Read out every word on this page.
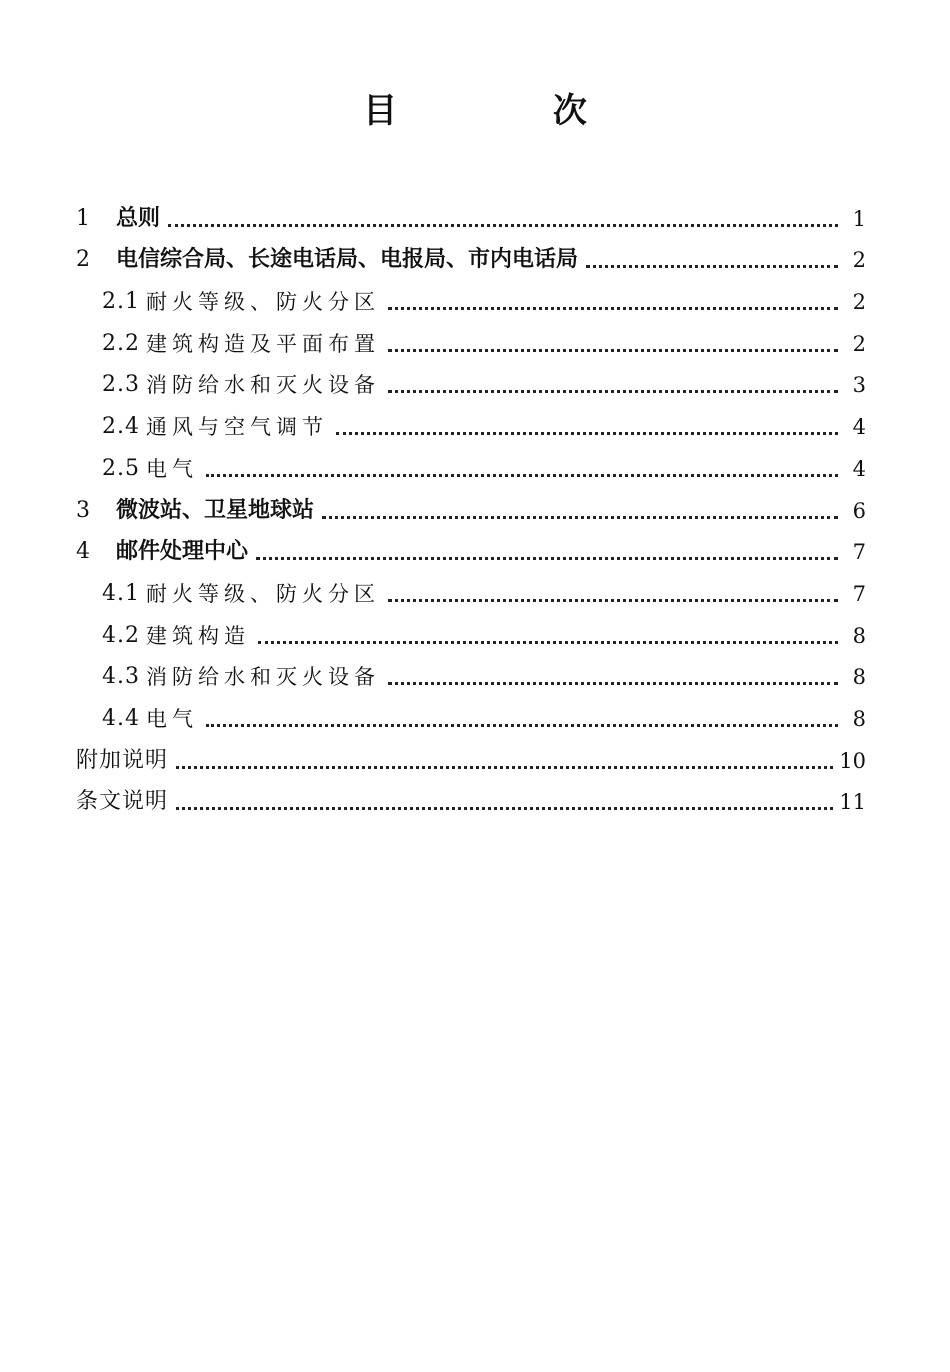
目 次
1	总则	1
2	电信综合局、长途电话局、电报局、市内电话局	2
2.1 耐火等级、防火分区	2
2.2 建筑构造及平面布置	2
2.3 消防给水和灭火设备	3
2.4 通风与空气调节	4
2.5 电气	4
3	微波站、卫星地球站	6
4	邮件处理中心	7
4.1 耐火等级、防火分区	7
4.2 建筑构造	8
4.3 消防给水和灭火设备	8
4.4 电气	8
附加说明	10
条文说明	11
